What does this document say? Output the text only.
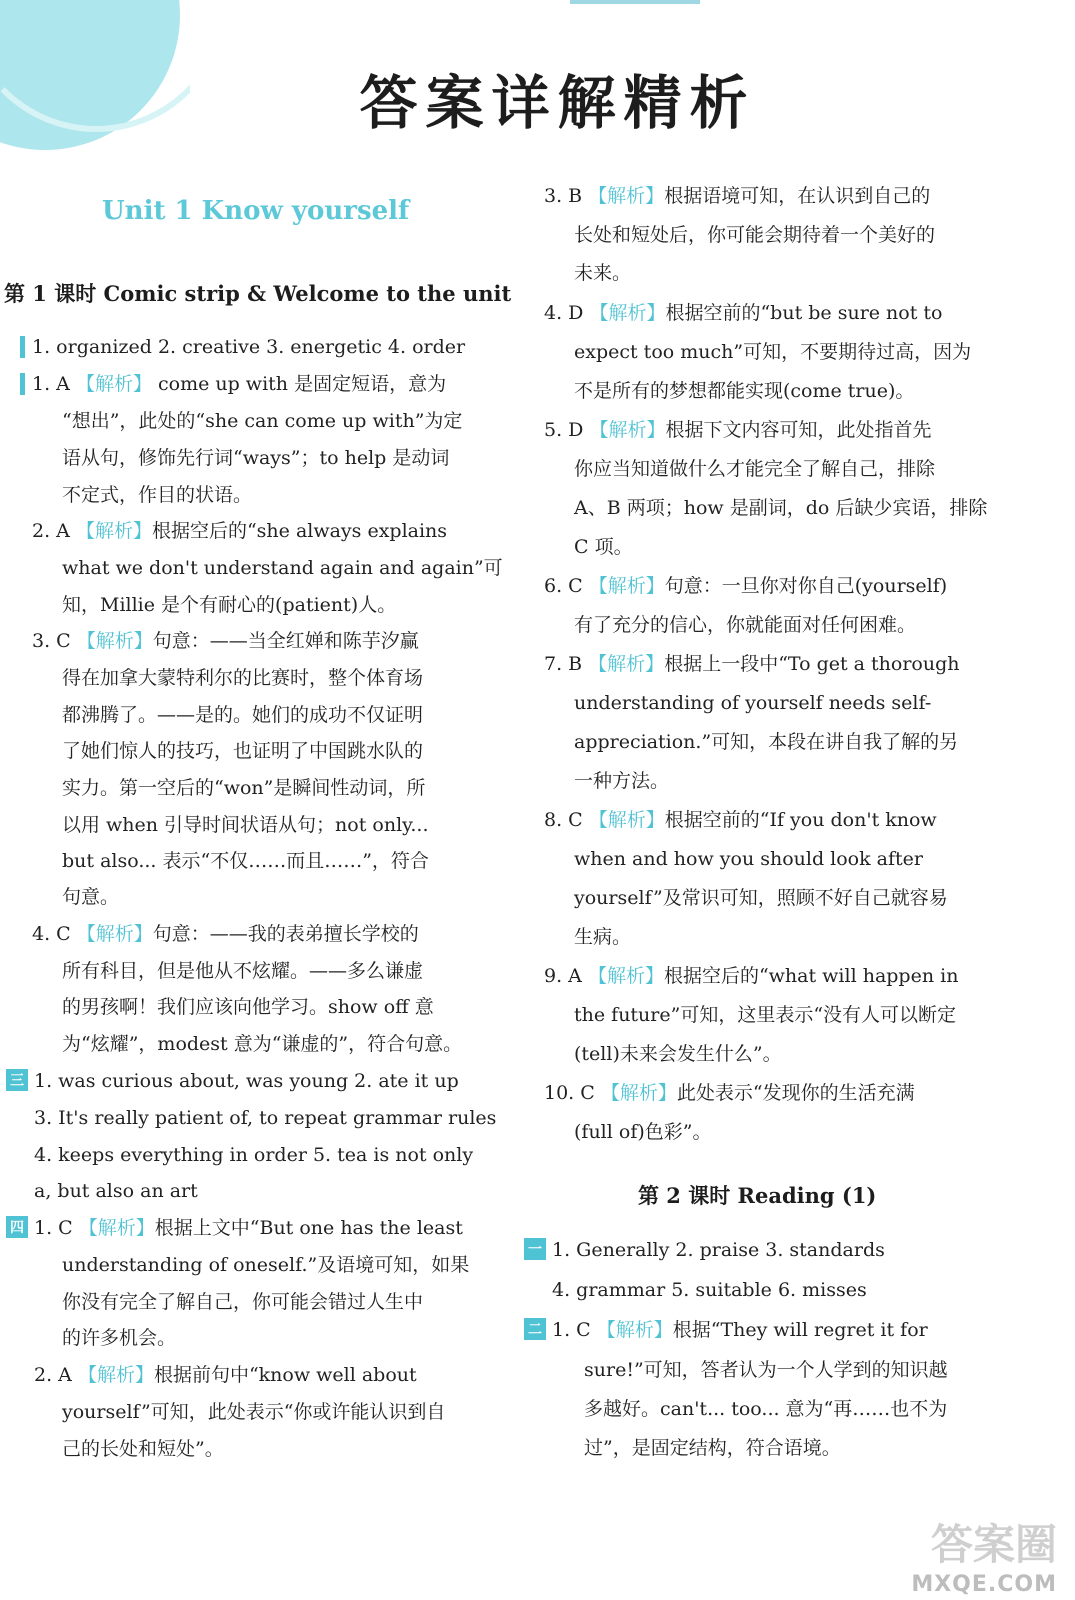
答案详解精析
Unit 1 Know yourself
第 1 课时 Comic strip & Welcome to the unit
1. organized 2. creative 3. energetic 4. order
1. A 【解析】 come up with 是固定短语，意为
“想出”，此处的“she can come up with”为定
语从句，修饰先行词“ways”；to help 是动词
不定式，作目的状语。
2. A 【解析】根据空后的“she always explains
what we don't understand again and again”可
知，Millie 是个有耐心的(patient)人。
3. C 【解析】句意：——当全红婵和陈芋汐赢
得在加拿大蒙特利尔的比赛时，整个体育场
都沸腾了。——是的。她们的成功不仅证明
了她们惊人的技巧，也证明了中国跳水队的
实力。第一空后的“won”是瞬间性动词，所
以用 when 引导时间状语从句；not only...
but also... 表示“不仅……而且……”，符合
句意。
4. C 【解析】句意：——我的表弟擅长学校的
所有科目，但是他从不炫耀。——多么谦虚
的男孩啊！我们应该向他学习。show off 意
为“炫耀”，modest 意为“谦虚的”，符合句意。
三 1. was curious about, was young 2. ate it up
3. It's really patient of, to repeat grammar rules
4. keeps everything in order 5. tea is not only
a, but also an art
四 1. C 【解析】根据上文中“But one has the least
understanding of oneself.”及语境可知，如果
你没有完全了解自己，你可能会错过人生中
的许多机会。
2. A 【解析】根据前句中“know well about
yourself”可知，此处表示“你或许能认识到自
己的长处和短处”。
3. B 【解析】根据语境可知，在认识到自己的
长处和短处后，你可能会期待着一个美好的
未来。
4. D 【解析】根据空前的“but be sure not to
expect too much”可知，不要期待过高，因为
不是所有的梦想都能实现(come true)。
5. D 【解析】根据下文内容可知，此处指首先
你应当知道做什么才能完全了解自己，排除
A、B 两项；how 是副词，do 后缺少宾语，排除
C 项。
6. C 【解析】句意：一旦你对你自己(yourself)
有了充分的信心，你就能面对任何困难。
7. B 【解析】根据上一段中“To get a thorough
understanding of yourself needs self-
appreciation.”可知，本段在讲自我了解的另
一种方法。
8. C 【解析】根据空前的“If you don't know
when and how you should look after
yourself”及常识可知，照顾不好自己就容易
生病。
9. A 【解析】根据空后的“what will happen in
the future”可知，这里表示“没有人可以断定
(tell)未来会发生什么”。
10. C 【解析】此处表示“发现你的生活充满
(full of)色彩”。
第 2 课时 Reading (1)
一 1. Generally 2. praise 3. standards
4. grammar 5. suitable 6. misses
二 1. C 【解析】根据“They will regret it for
sure!”可知，答者认为一个人学到的知识越
多越好。can't... too... 意为“再……也不为
过”，是固定结构，符合语境。
答案圈
MXQE.COM
